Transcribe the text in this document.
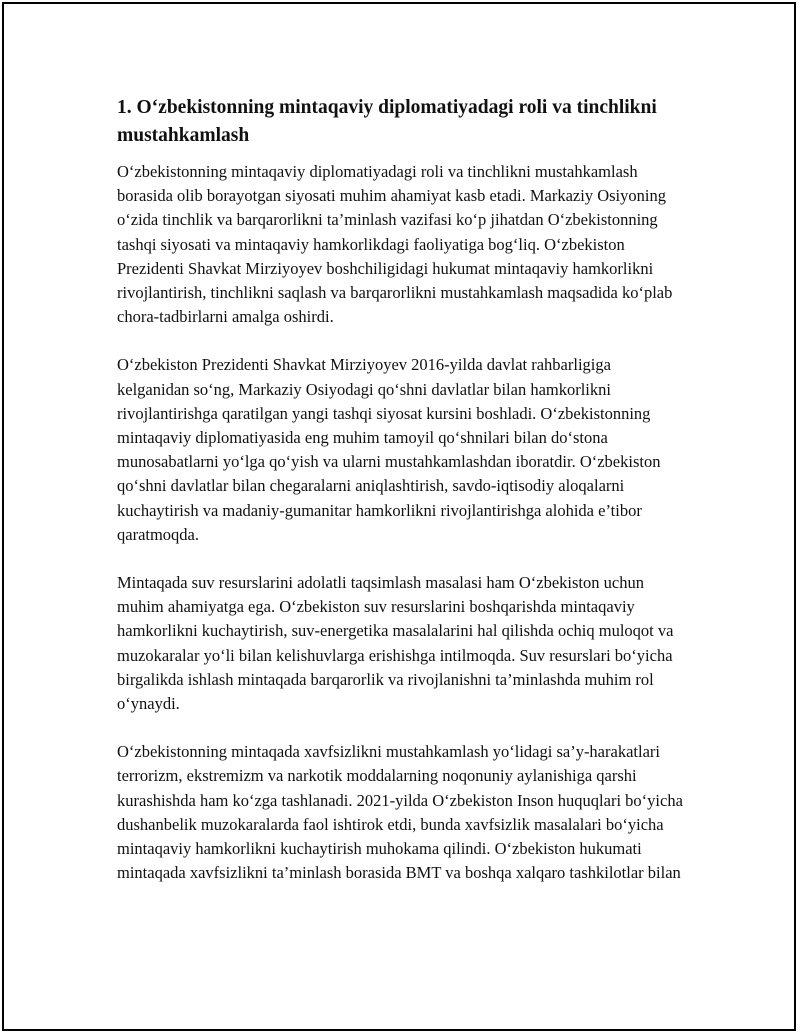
1. O‘zbekistonning mintaqaviy diplomatiyadagi roli va tinchlikni mustahkamlash

O‘zbekistonning mintaqaviy diplomatiyadagi roli va tinchlikni mustahkamlash borasida olib borayotgan siyosati muhim ahamiyat kasb etadi. Markaziy Osiyoning o‘zida tinchlik va barqarorlikni ta’minlash vazifasi ko‘p jihatdan O‘zbekistonning tashqi siyosati va mintaqaviy hamkorlikdagi faoliyatiga bog‘liq. O‘zbekiston Prezidenti Shavkat Mirziyoyev boshchiligidagi hukumat mintaqaviy hamkorlikni rivojlantirish, tinchlikni saqlash va barqarorlikni mustahkamlash maqsadida ko‘plab chora-tadbirlarni amalga oshirdi.

O‘zbekiston Prezidenti Shavkat Mirziyoyev 2016-yilda davlat rahbarligiga kelganidan so‘ng, Markaziy Osiyodagi qo‘shni davlatlar bilan hamkorlikni rivojlantirishga qaratilgan yangi tashqi siyosat kursini boshladi. O‘zbekistonning mintaqaviy diplomatiyasida eng muhim tamoyil qo‘shnilari bilan do‘stona munosabatlarni yo‘lga qo‘yish va ularni mustahkamlashdan iboratdir. O‘zbekiston qo‘shni davlatlar bilan chegaralarni aniqlashtirish, savdo-iqtisodiy aloqalarni kuchaytirish va madaniy-gumanitar hamkorlikni rivojlantirishga alohida e’tibor qaratmoqda.

Mintaqada suv resurslarini adolatli taqsimlash masalasi ham O‘zbekiston uchun muhim ahamiyatga ega. O‘zbekiston suv resurslarini boshqarishda mintaqaviy hamkorlikni kuchaytirish, suv-energetika masalalarini hal qilishda ochiq muloqot va muzokaralar yo‘li bilan kelishuvlarga erishishga intilmoqda. Suv resurslari bo‘yicha birgalikda ishlash mintaqada barqarorlik va rivojlanishni ta’minlashda muhim rol o‘ynaydi.

O‘zbekistonning mintaqada xavfsizlikni mustahkamlash yo‘lidagi sa’y-harakatlari terrorizm, ekstremizm va narkotik moddalarning noqonuniy aylanishiga qarshi kurashishda ham ko‘zga tashlanadi. 2021-yilda O‘zbekiston Inson huquqlari bo‘yicha dushanbelik muzokaralarda faol ishtirok etdi, bunda xavfsizlik masalalari bo‘yicha mintaqaviy hamkorlikni kuchaytirish muhokama qilindi. O‘zbekiston hukumati mintaqada xavfsizlikni ta’minlash borasida BMT va boshqa xalqaro tashkilotlar bilan
